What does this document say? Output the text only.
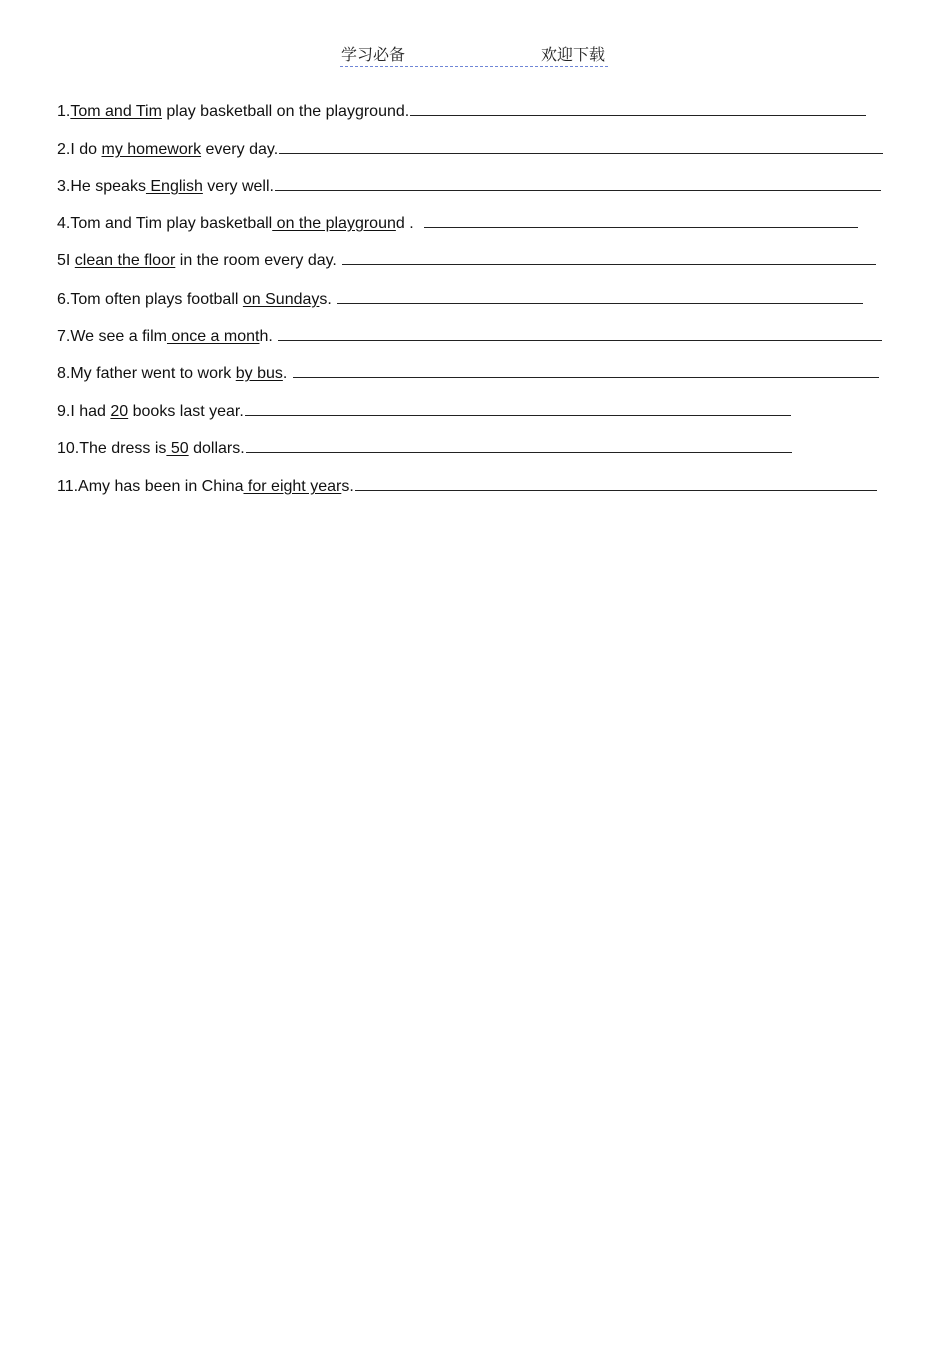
学习必备	欢迎下载
1. Tom and Tim play basketball on the playground.
2.I do my homework every day.
3.He speaks English very well.
4.Tom and Tim play basketball on the playgroun d .
5I clean the floor in the room every day.
6.Tom often plays football on Sunday s.
7.We see a film once a mont h.
8.My father went to work by bus .
9.I had 20 books last year.
10.The dress is 50 dollars.
11.Amy has been in China for eight year s.
